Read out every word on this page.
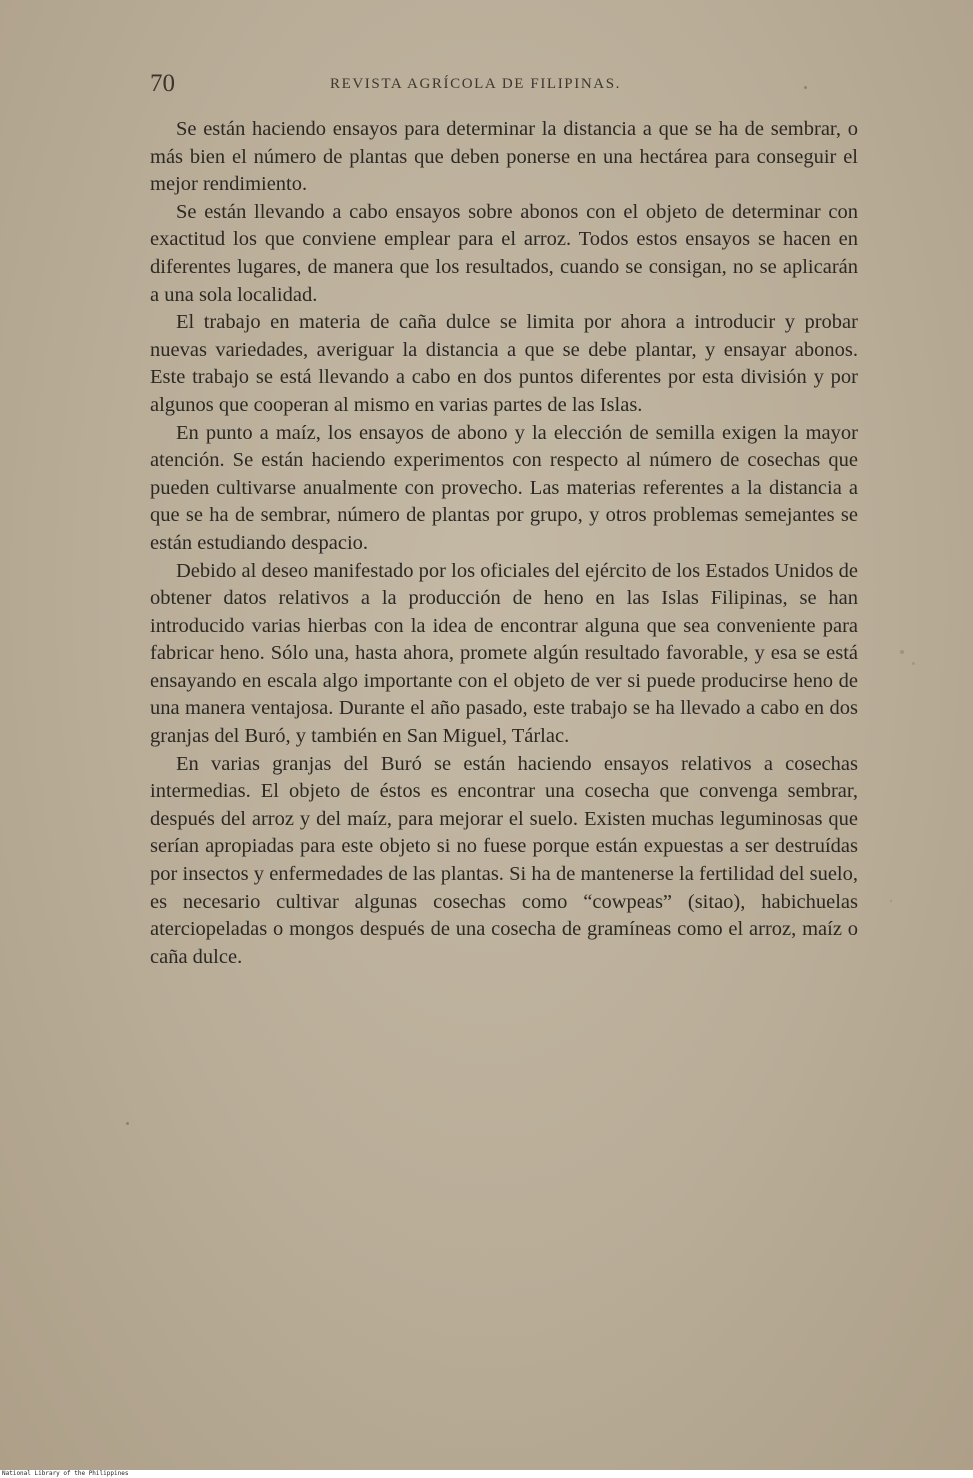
70	REVISTA AGRÍCOLA DE FILIPINAS.

Se están haciendo ensayos para determinar la distancia a que se ha de sembrar, o más bien el número de plantas que deben ponerse en una hectárea para conseguir el mejor rendimiento.

Se están llevando a cabo ensayos sobre abonos con el objeto de determinar con exactitud los que conviene emplear para el arroz. Todos estos ensayos se hacen en diferentes lugares, de manera que los resultados, cuando se consigan, no se aplicarán a una sola localidad.

El trabajo en materia de caña dulce se limita por ahora a introducir y probar nuevas variedades, averiguar la distancia a que se debe plantar, y ensayar abonos. Este trabajo se está llevando a cabo en dos puntos diferentes por esta división y por algunos que cooperan al mismo en varias partes de las Islas.

En punto a maíz, los ensayos de abono y la elección de semilla exigen la mayor atención. Se están haciendo experimentos con respecto al número de cosechas que pueden cultivarse anualmente con provecho. Las materias referentes a la distancia a que se ha de sembrar, número de plantas por grupo, y otros problemas semejantes se están estudiando despacio.

Debido al deseo manifestado por los oficiales del ejército de los Estados Unidos de obtener datos relativos a la producción de heno en las Islas Filipinas, se han introducido varias hierbas con la idea de encontrar alguna que sea conveniente para fabricar heno. Sólo una, hasta ahora, promete algún resultado favorable, y esa se está ensayando en escala algo importante con el objeto de ver si puede producirse heno de una manera ventajosa. Durante el año pasado, este trabajo se ha llevado a cabo en dos granjas del Buró, y también en San Miguel, Tárlac.

En varias granjas del Buró se están haciendo ensayos relativos a cosechas intermedias. El objeto de éstos es encontrar una cosecha que convenga sembrar, después del arroz y del maíz, para mejorar el suelo. Existen muchas leguminosas que serían apropiadas para este objeto si no fuese porque están expuestas a ser destruídas por insectos y enfermedades de las plantas. Si ha de mantenerse la fertilidad del suelo, es necesario cultivar algunas cosechas como “cowpeas” (sitao), habichuelas aterciopeladas o mongos después de una cosecha de gramíneas como el arroz, maíz o caña dulce.

National Library of the Philippines
